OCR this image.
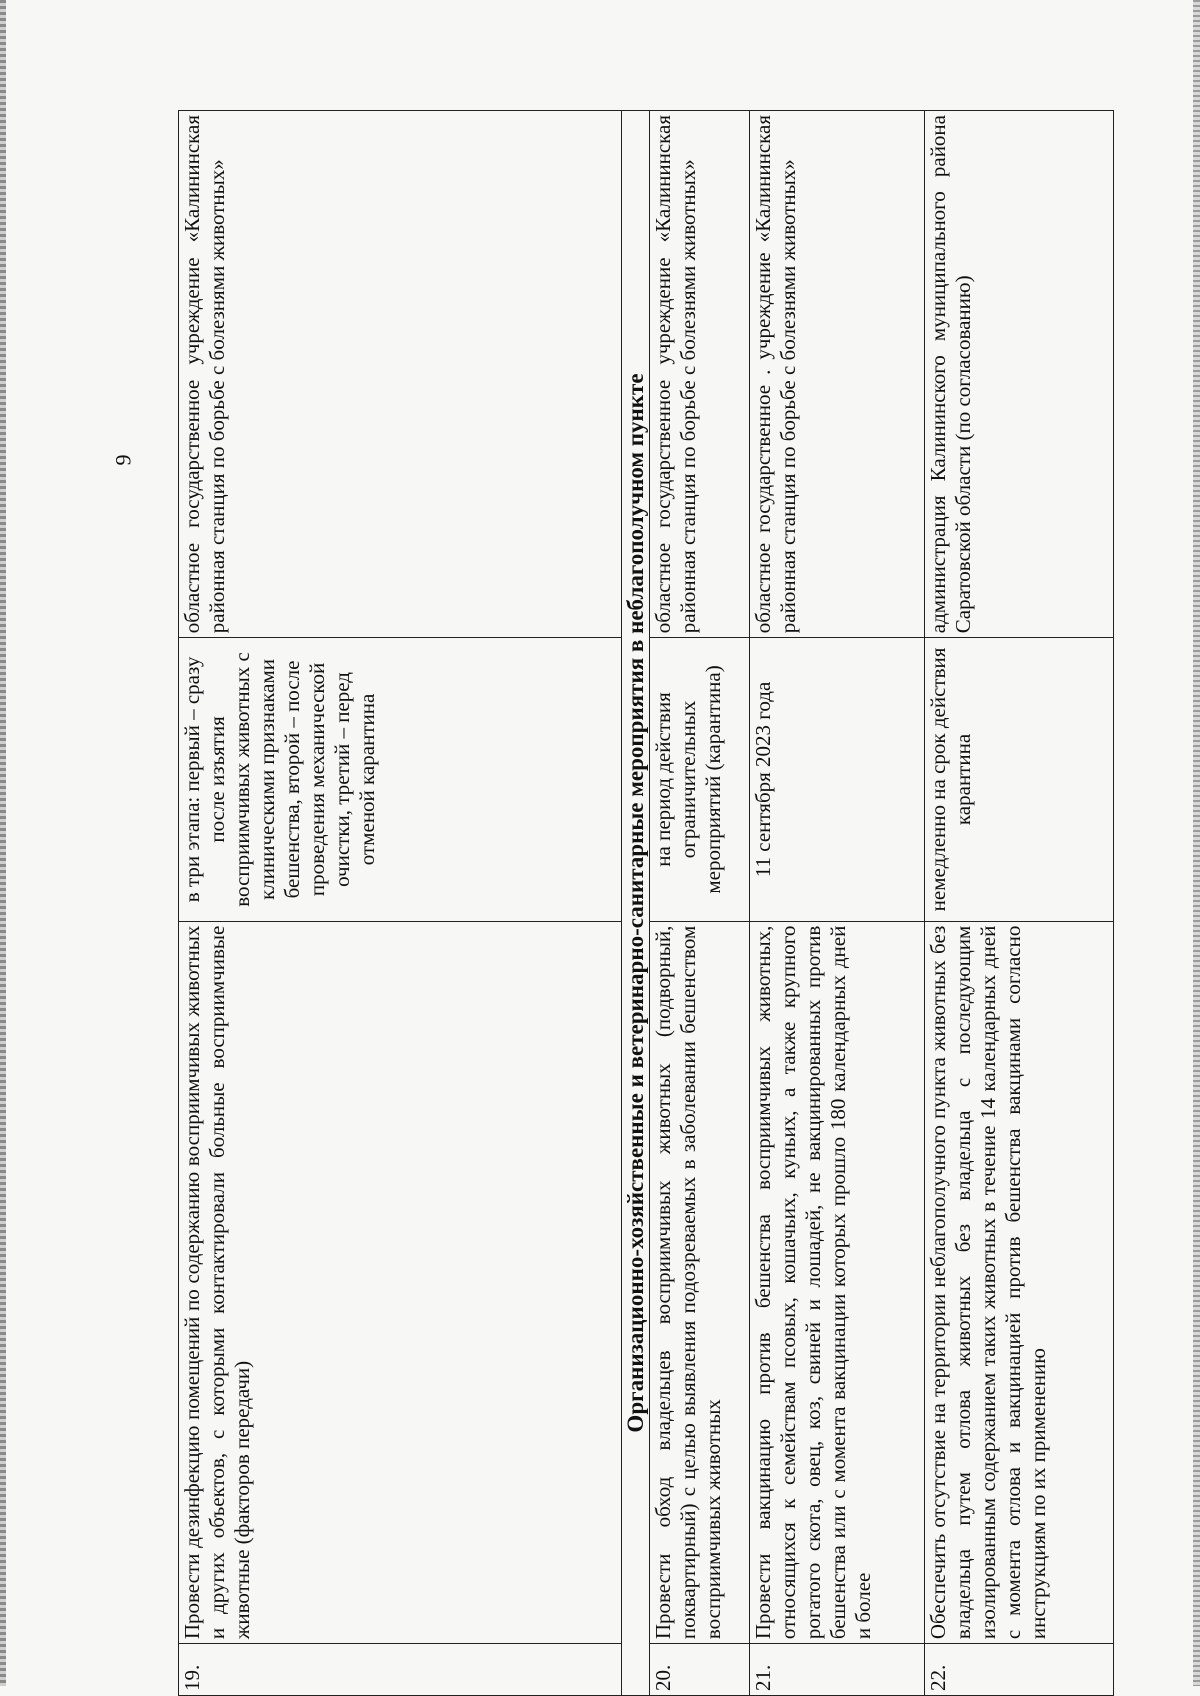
9
19.	Провести дезинфекцию помещений по содержанию восприимчивых животных и других объектов, с которыми контактировали больные восприимчивые животные (факторов передачи)	в три этапа: первый – сразу после изъятия восприимчивых животных с клиническими признаками бешенства, второй – после проведения механической очистки, третий – перед отменой карантина	областное государственное учреждение «Калининская районная станция по борьбе с болезнями животных»
Организационно-хозяйственные и ветеринарно-санитарные мероприятия в неблагополучном пункте			
20.	Провести обход владельцев восприимчивых животных (подворный, поквартирный) с целью выявления подозреваемых в заболевании бешенством восприимчивых животных	на период действия ограничительных мероприятий (карантина)	областное государственное учреждение «Калининская районная станция по борьбе с болезнями животных»
21.	Провести вакцинацию против бешенства восприимчивых животных, относящихся к семействам псовых, кошачьих, куньих, а также крупного рогатого скота, овец, коз, свиней и лошадей, не вакцинированных против бешенства или с момента вакцинации которых прошло 180 календарных дней и более	11 сентября 2023 года	областное государственное . учреждение «Калининская районная станция по борьбе с болезнями животных»
22.	Обеспечить отсутствие на территории неблагополучного пункта животных без владельца путем отлова животных без владельца с последующим изолированным содержанием таких животных в течение 14 календарных дней с момента отлова и вакцинацией против бешенства вакцинами согласно инструкциям по их применению	немедленно на срок действия карантина	администрация Калининского муниципального района Саратовской области (по согласованию)
